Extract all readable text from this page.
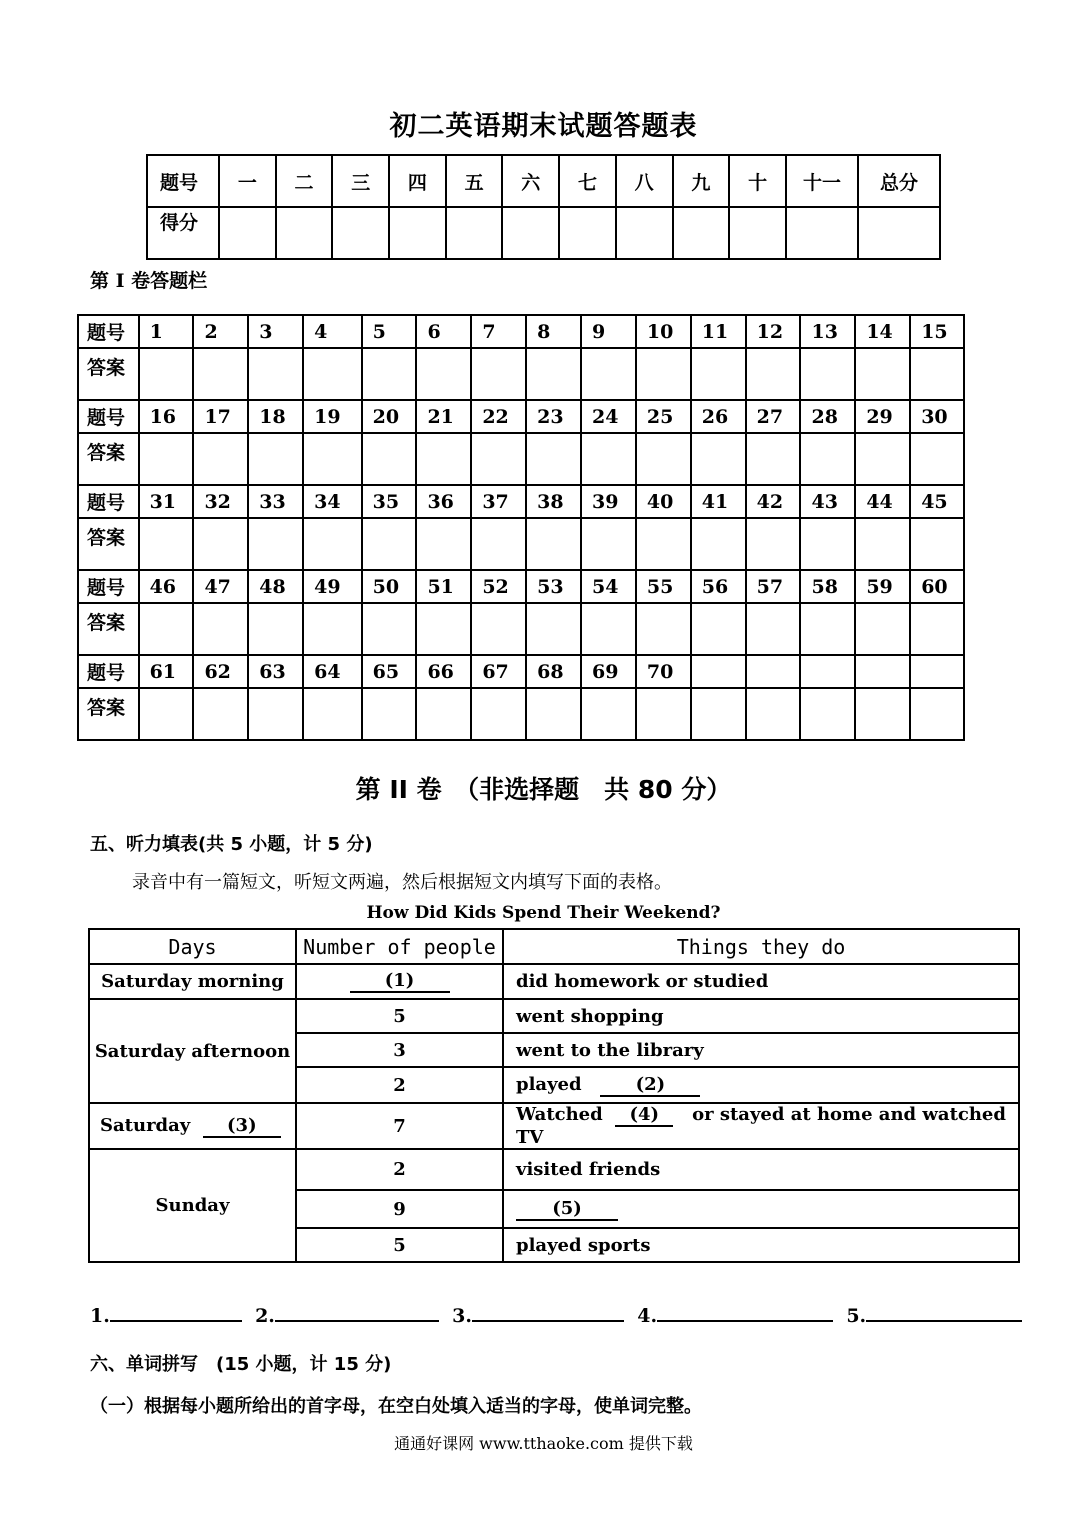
初二英语期末试题答题表
题号	一	二	三	四	五	六	七	八	九	十	十一	总分
得分												
第 I 卷答题栏
题号	1	2	3	4	5	6	7	8	9	10	11	12	13	14	15
答案															
题号	16	17	18	19	20	21	22	23	24	25	26	27	28	29	30
答案															
题号	31	32	33	34	35	36	37	38	39	40	41	42	43	44	45
答案															
题号	46	47	48	49	50	51	52	53	54	55	56	57	58	59	60
答案															
题号	61	62	63	64	65	66	67	68	69	70					
答案															
第 II 卷　（非选择题　共 80 分）
五、听力填表(共 5 小题，计 5 分)
录音中有一篇短文，听短文两遍，然后根据短文内填写下面的表格。
How Did Kids Spend Their Weekend?
Days	Number of people	Things they do
Saturday morning	(1)	did homework or studied
Saturday afternoon	5	went shopping
	3	went to the library
	2	played (2)
Saturday (3)	7	Watched (4) or stayed at home and watched TV
Sunday	2	visited friends
	9	(5)
	5	played sports
1.	2.	3.	4.	5.
六、单词拼写　(15 小题，计 15 分)
（一）根据每小题所给出的首字母，在空白处填入适当的字母，使单词完整。
通通好课网 www.tthaoke.com 提供下载
